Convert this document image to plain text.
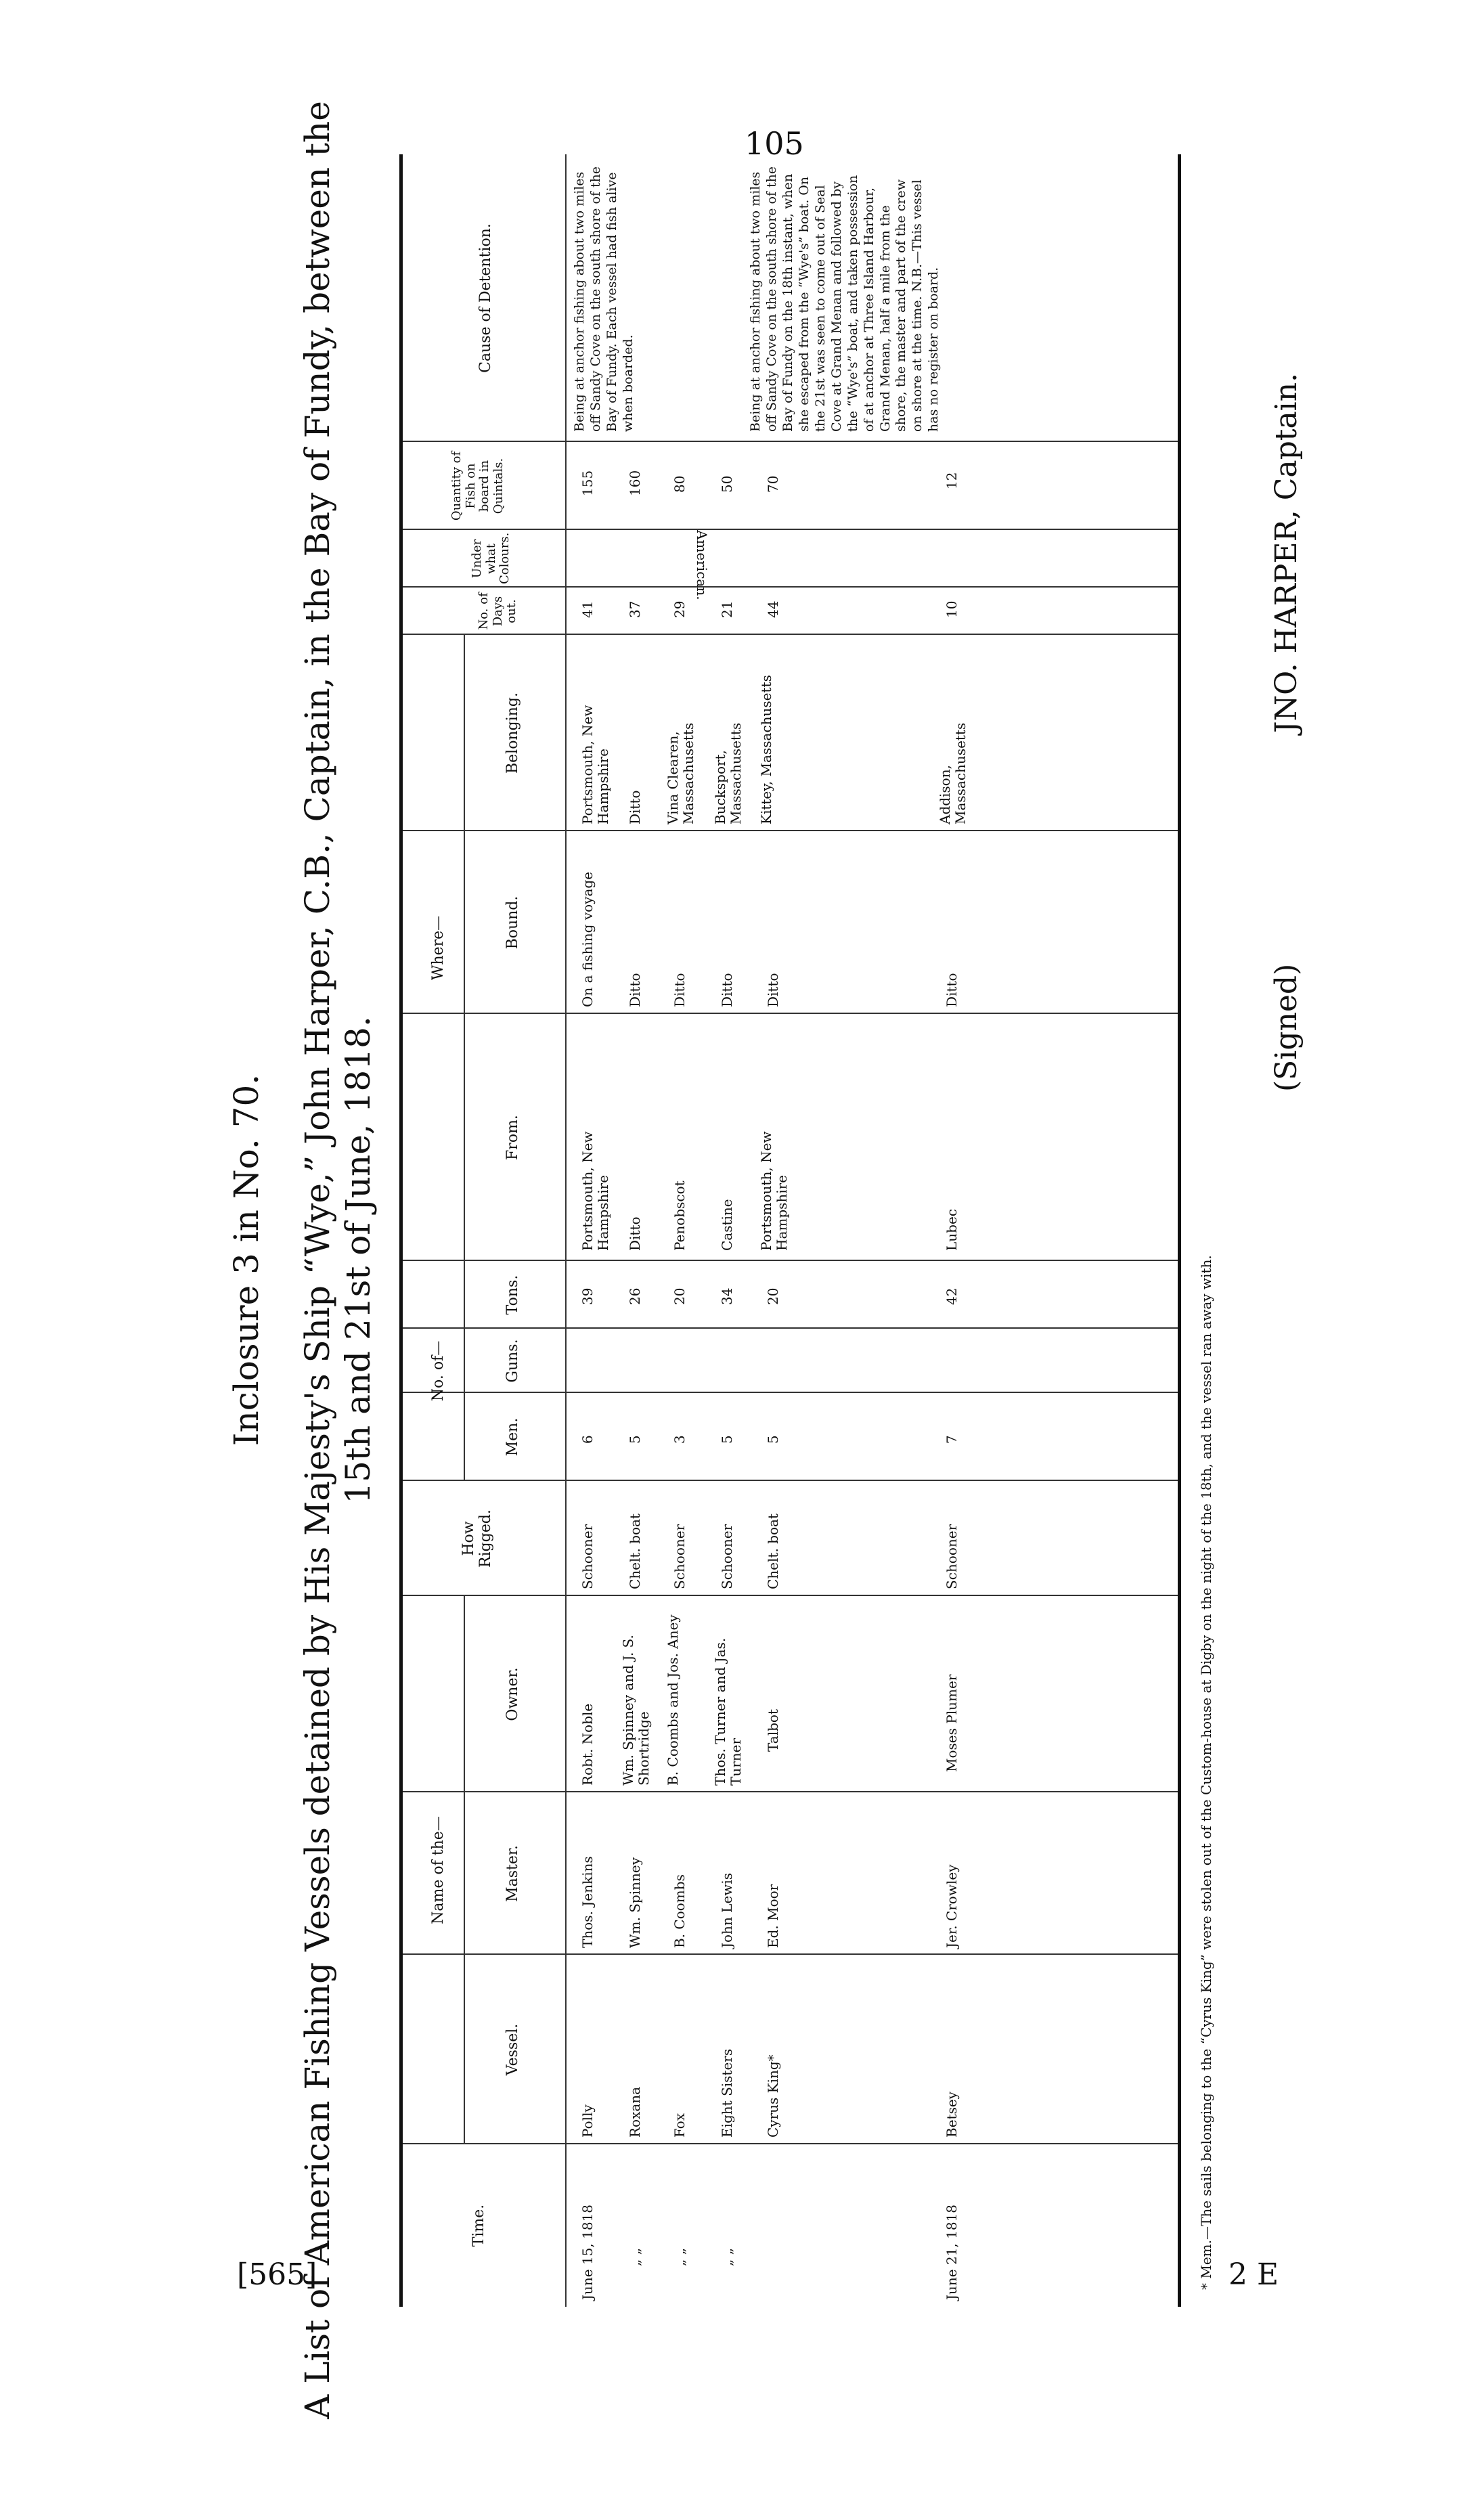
105
[565]	2 E
Inclosure 3 in No. 70. A List of American Fishing Vessels detained by His Majesty's Ship “Wye,” John Harper, C.B., Captain, in the Bay of Fundy, between the 15th and 21st of June, 1818.
Time.
Name of the—
Vessel.
Master.
Owner.
How Rigged.
No. of—
Men.
Guns.
Tons.
Where—
From.
Bound.
Belonging.
No. of Days out.
Under what Colours.
Quantity of Fish on board in Quintals.
Cause of Detention.
June 15, 1818
Polly
Thos. Jenkins
Robt. Noble
Schooner
6
39
Portsmouth, New Hampshire
On a fishing voyage
Portsmouth, New Hampshire
41
155
„ „
Roxana
Wm. Spinney
Wm. Spinney and J. S. Shortridge
Chelt. boat
5
26
Ditto
Ditto
Ditto
37
160
„ „
Fox
B. Coombs
B. Coombs and Jos. Aney
Schooner
3
20
Penobscot
Ditto
Vina Clearen, Massachusetts
29
80
„ „
Eight Sisters
John Lewis
Thos. Turner and Jas. Turner
Schooner
5
34
Castine
Ditto
Bucksport, Massachusetts
21
50
Cyrus King*
Ed. Moor
Talbot
Chelt. boat
5
20
Portsmouth, New Hampshire
Ditto
Kittey, Massachusetts
44
70
June 21, 1818
Betsey
Jer. Crowley
Moses Plumer
Schooner
7
42
Lubec
Ditto
Addison, Massachusetts
10
12
American.
Being at anchor fishing about two miles off Sandy Cove on the south shore of the Bay of Fundy. Each vessel had fish alive when boarded.	Being at anchor fishing about two miles off Sandy Cove on the south shore of the Bay of Fundy on the 18th instant, when she escaped from the “Wye's” boat. On the 21st was seen to come out of Seal Cove at Grand Menan and followed by the “Wye's” boat, and taken possession of at anchor at Three Island Harbour, Grand Menan, half a mile from the shore, the master and part of the crew on shore at the time. N.B.—This vessel has no register on board.
* Mem.—The sails belonging to the “Cyrus King” were stolen out of the Custom-house at Digby on the night of the 18th, and the vessel ran away with.
(Signed)
JNO. HARPER, Captain.
